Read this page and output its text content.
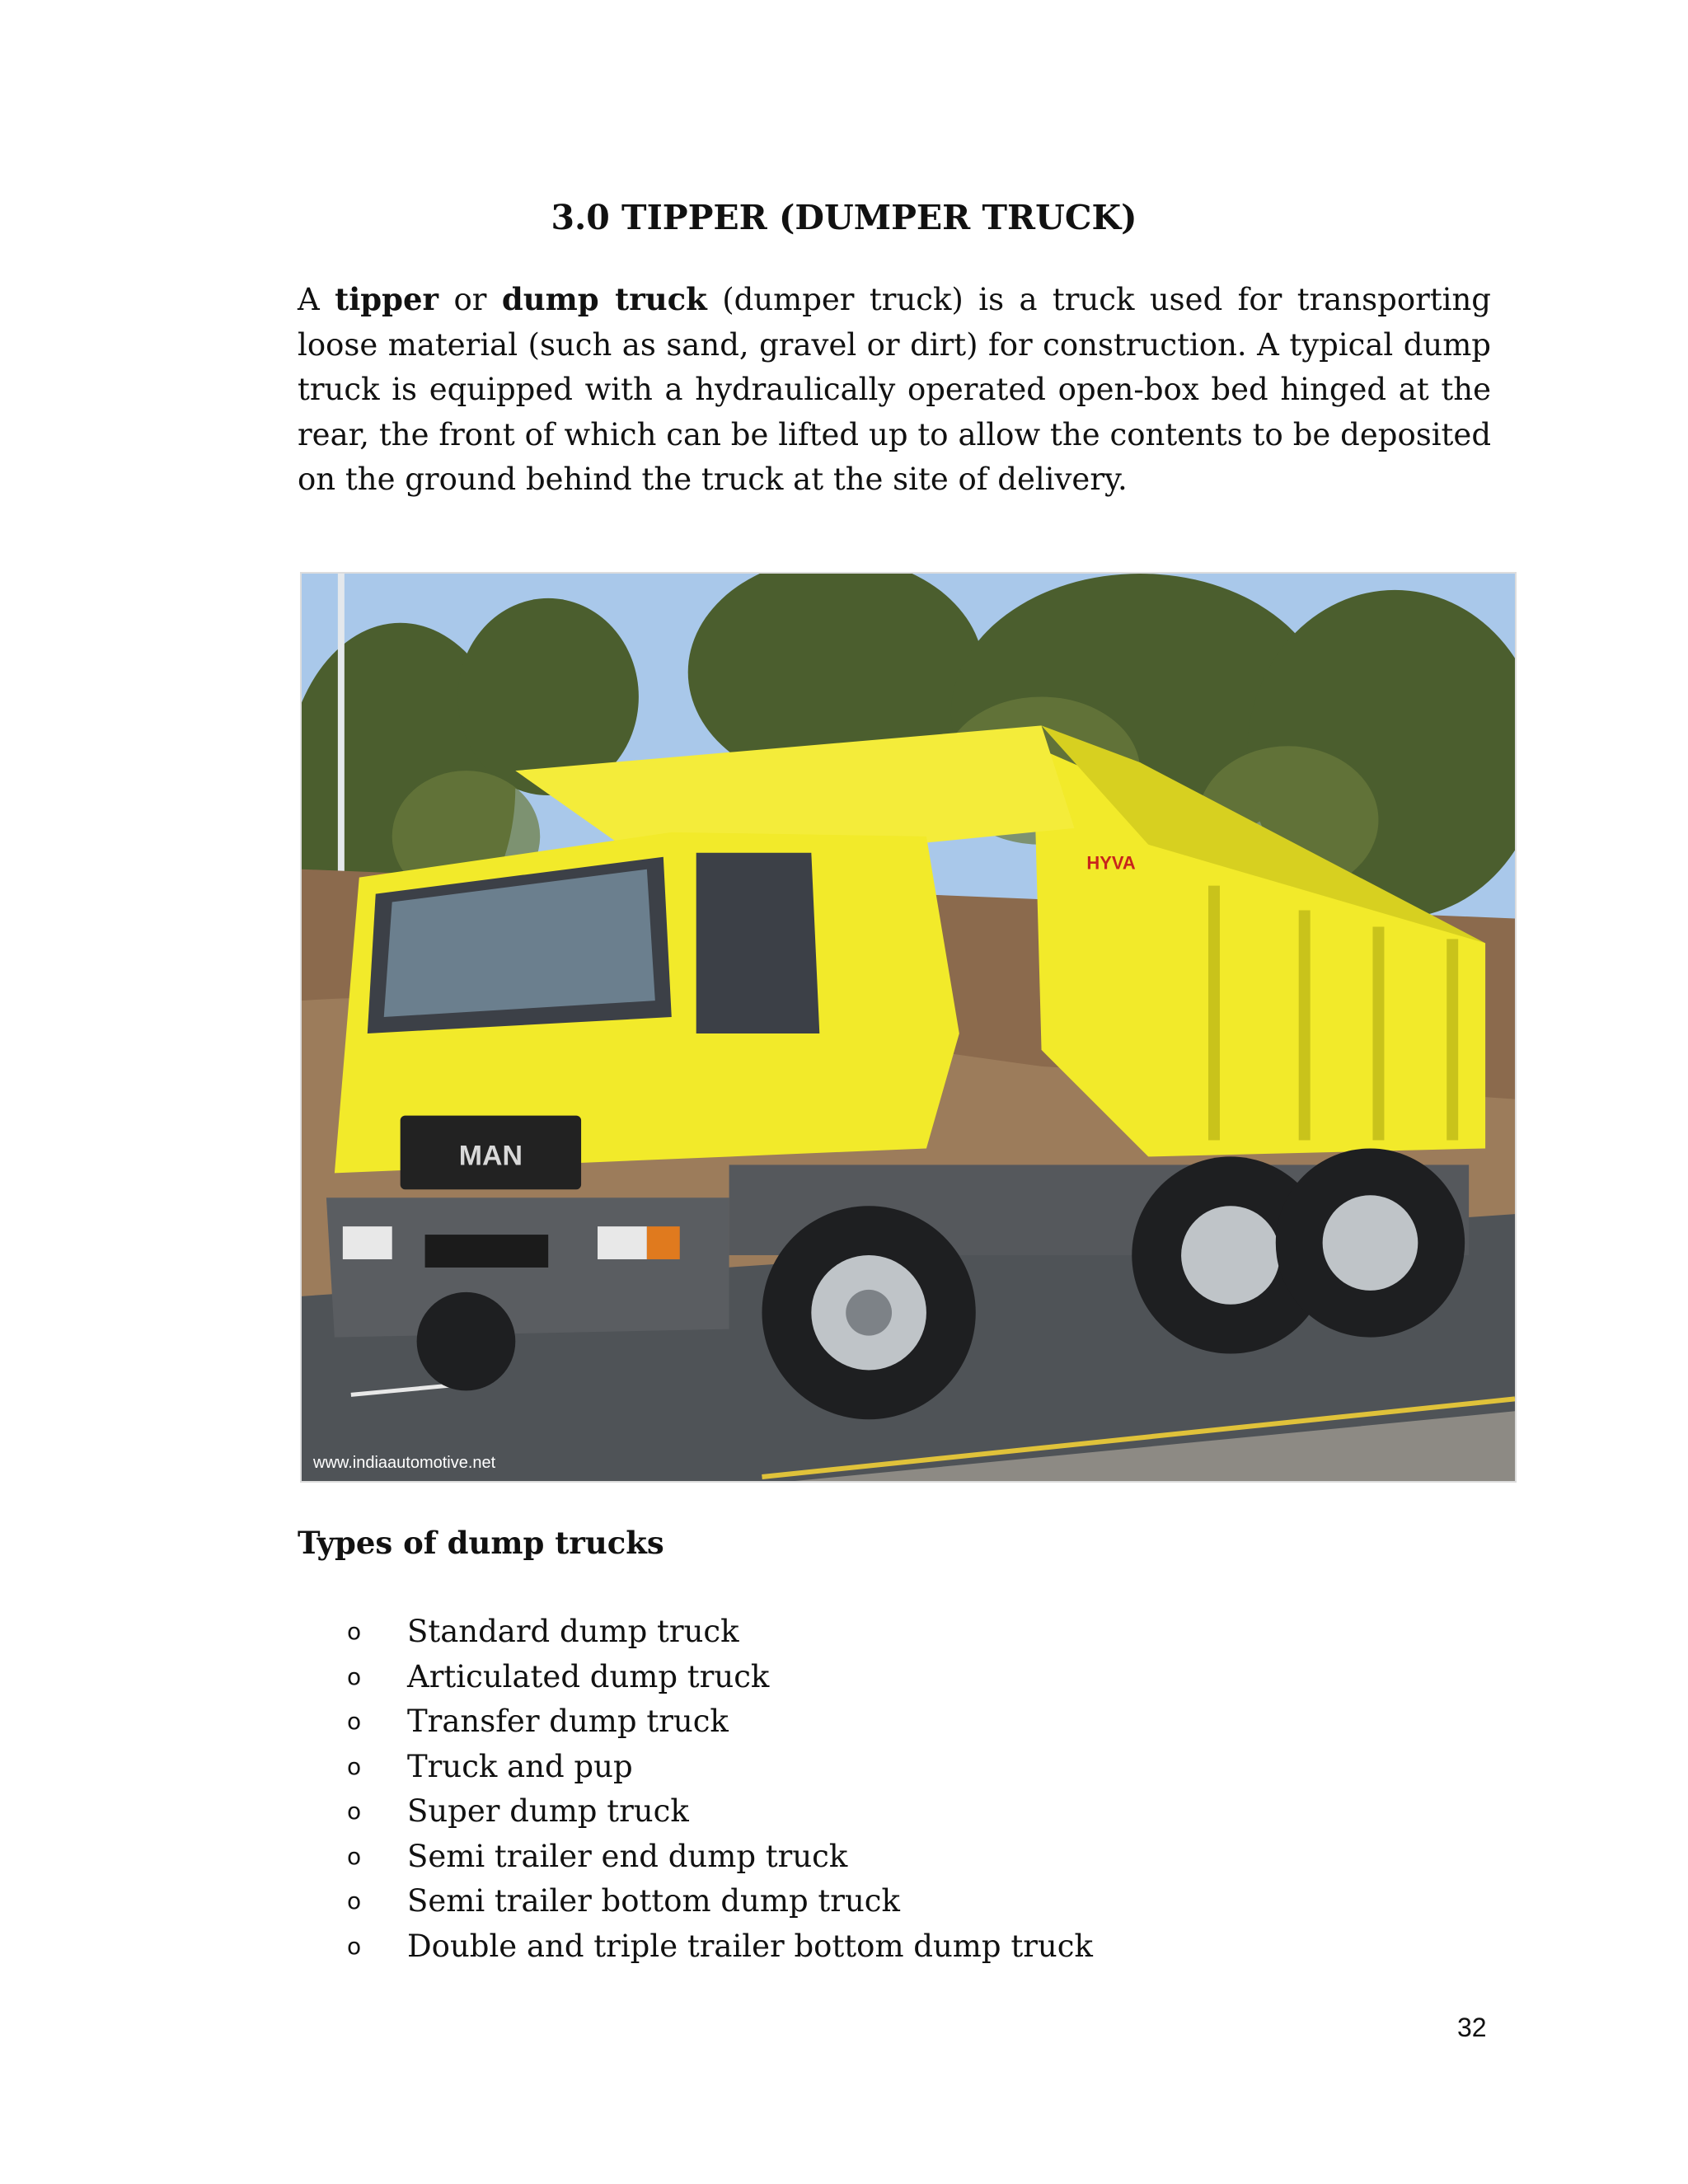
3.0 TIPPER (DUMPER TRUCK)

A tipper or dump truck (dumper truck) is a truck used for transporting loose material (such as sand, gravel or dirt) for construction. A typical dump truck is equipped with a hydraulically operated open-box bed hinged at the rear, the front of which can be lifted up to allow the contents to be deposited on the ground behind the truck at the site of delivery.

MAN
HYVA
www.indiaautomotive.net
Types of dump trucks
o Standard dump truck
o Articulated dump truck
o Transfer dump truck
o Truck and pup
o Super dump truck
o Semi trailer end dump truck
o Semi trailer bottom dump truck
o Double and triple trailer bottom dump truck
32
